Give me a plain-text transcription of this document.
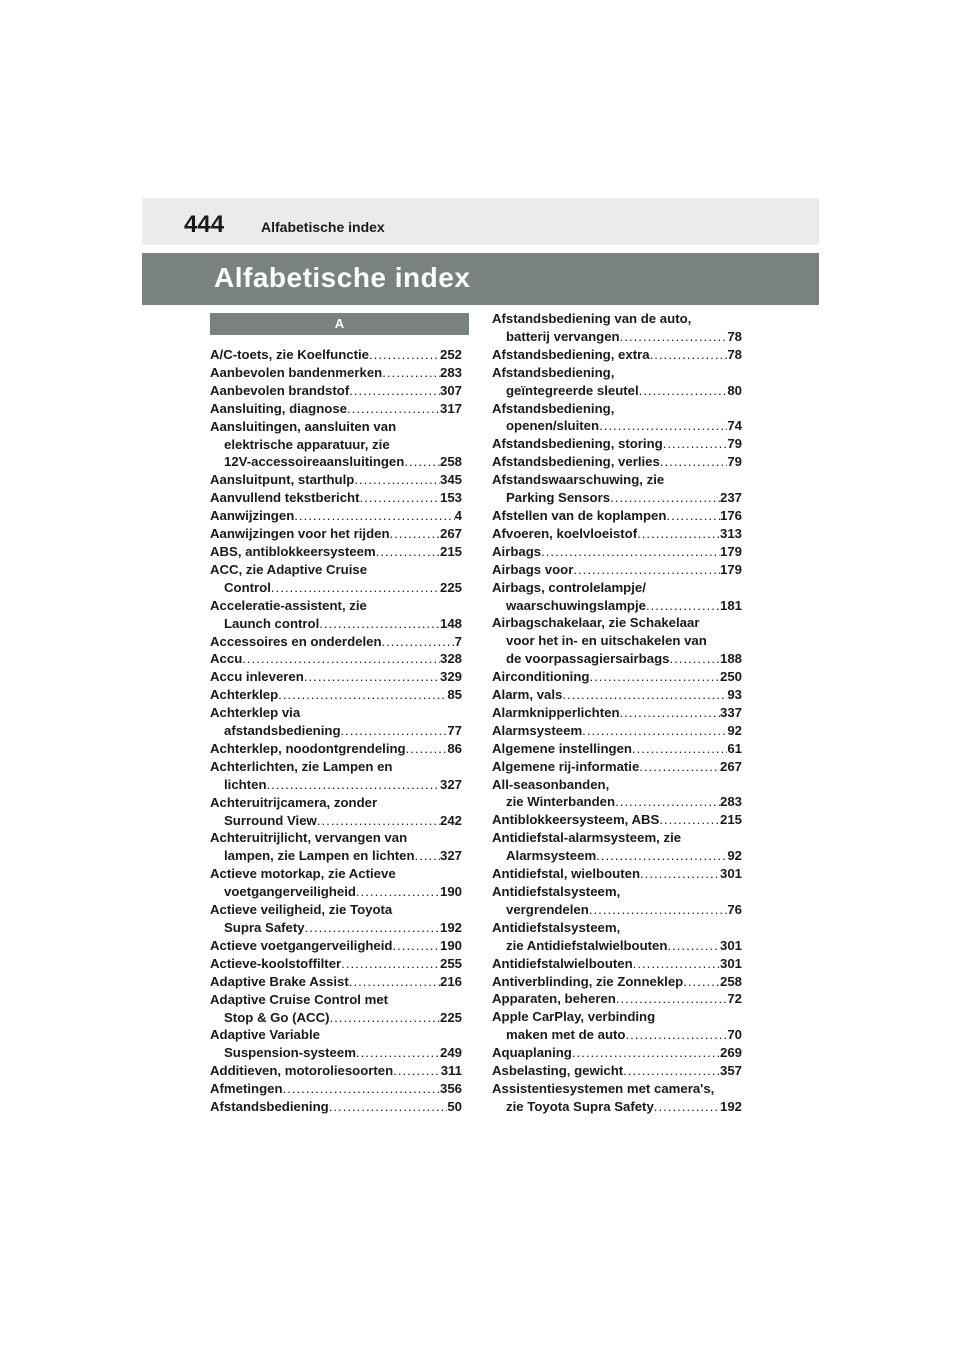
444	Alfabetische index
Alfabetische index
A
A/C-toets, zie Koelfunctie .....	252
Aanbevolen bandenmerken .....	283
Aanbevolen brandstof .....	307
Aansluiting, diagnose .....	317
Aansluitingen, aansluiten van
elektrische apparatuur, zie
12V-accessoireaansluitingen .....	258
Aansluitpunt, starthulp .....	345
Aanvullend tekstbericht .....	153
Aanwijzingen .....	4
Aanwijzingen voor het rijden .....	267
ABS, antiblokkeersysteem .....	215
ACC, zie Adaptive Cruise
Control .....	225
Acceleratie-assistent, zie
Launch control .....	148
Accessoires en onderdelen .....	7
Accu .....	328
Accu inleveren .....	329
Achterklep .....	85
Achterklep via
afstandsbediening .....	77
Achterklep, noodontgrendeling .....	86
Achterlichten, zie Lampen en
lichten .....	327
Achteruitrijcamera, zonder
Surround View .....	242
Achteruitrijlicht, vervangen van
lampen, zie Lampen en lichten ..... 327
Actieve motorkap, zie Actieve
voetgangerveiligheid .....	190
Actieve veiligheid, zie Toyota
Supra Safety .....	192
Actieve voetgangerveiligheid .....	190
Actieve-koolstoffilter .....	255
Adaptive Brake Assist .....	216
Adaptive Cruise Control met
Stop & Go (ACC) .....	225
Adaptive Variable
Suspension-systeem .....	249
Additieven, motoroliesoorten .....	311
Afmetingen .....	356
Afstandsbediening .....	50
Afstandsbediening van de auto,
batterij vervangen .....	78
Afstandsbediening, extra .....	78
Afstandsbediening,
geïntegreerde sleutel .....	80
Afstandsbediening,
openen/sluiten .....	74
Afstandsbediening, storing .....	79
Afstandsbediening, verlies .....	79
Afstandswaarschuwing, zie
Parking Sensors .....	237
Afstellen van de koplampen .....	176
Afvoeren, koelvloeistof .....	313
Airbags .....	179
Airbags voor .....	179
Airbags, controlelampje/
waarschuwingslampje .....	181
Airbagschakelaar, zie Schakelaar
voor het in- en uitschakelen van
de voorpassagiersairbags .....	188
Airconditioning .....	250
Alarm, vals .....	93
Alarmknipperlichten .....	337
Alarmsysteem .....	92
Algemene instellingen .....	61
Algemene rij-informatie .....	267
All-seasonbanden,
zie Winterbanden .....	283
Antiblokkeersysteem, ABS .....	215
Antidiefstal-alarmsysteem, zie
Alarmsysteem .....	92
Antidiefstal, wielbouten .....	301
Antidiefstalsysteem,
vergrendelen .....	76
Antidiefstalsysteem,
zie Antidiefstalwielbouten .....	301
Antidiefstalwielbouten .....	301
Antiverblinding, zie Zonneklep .....	258
Apparaten, beheren .....	72
Apple CarPlay, verbinding
maken met de auto .....	70
Aquaplaning .....	269
Asbelasting, gewicht .....	357
Assistentiesystemen met camera's,
zie Toyota Supra Safety .....	192
